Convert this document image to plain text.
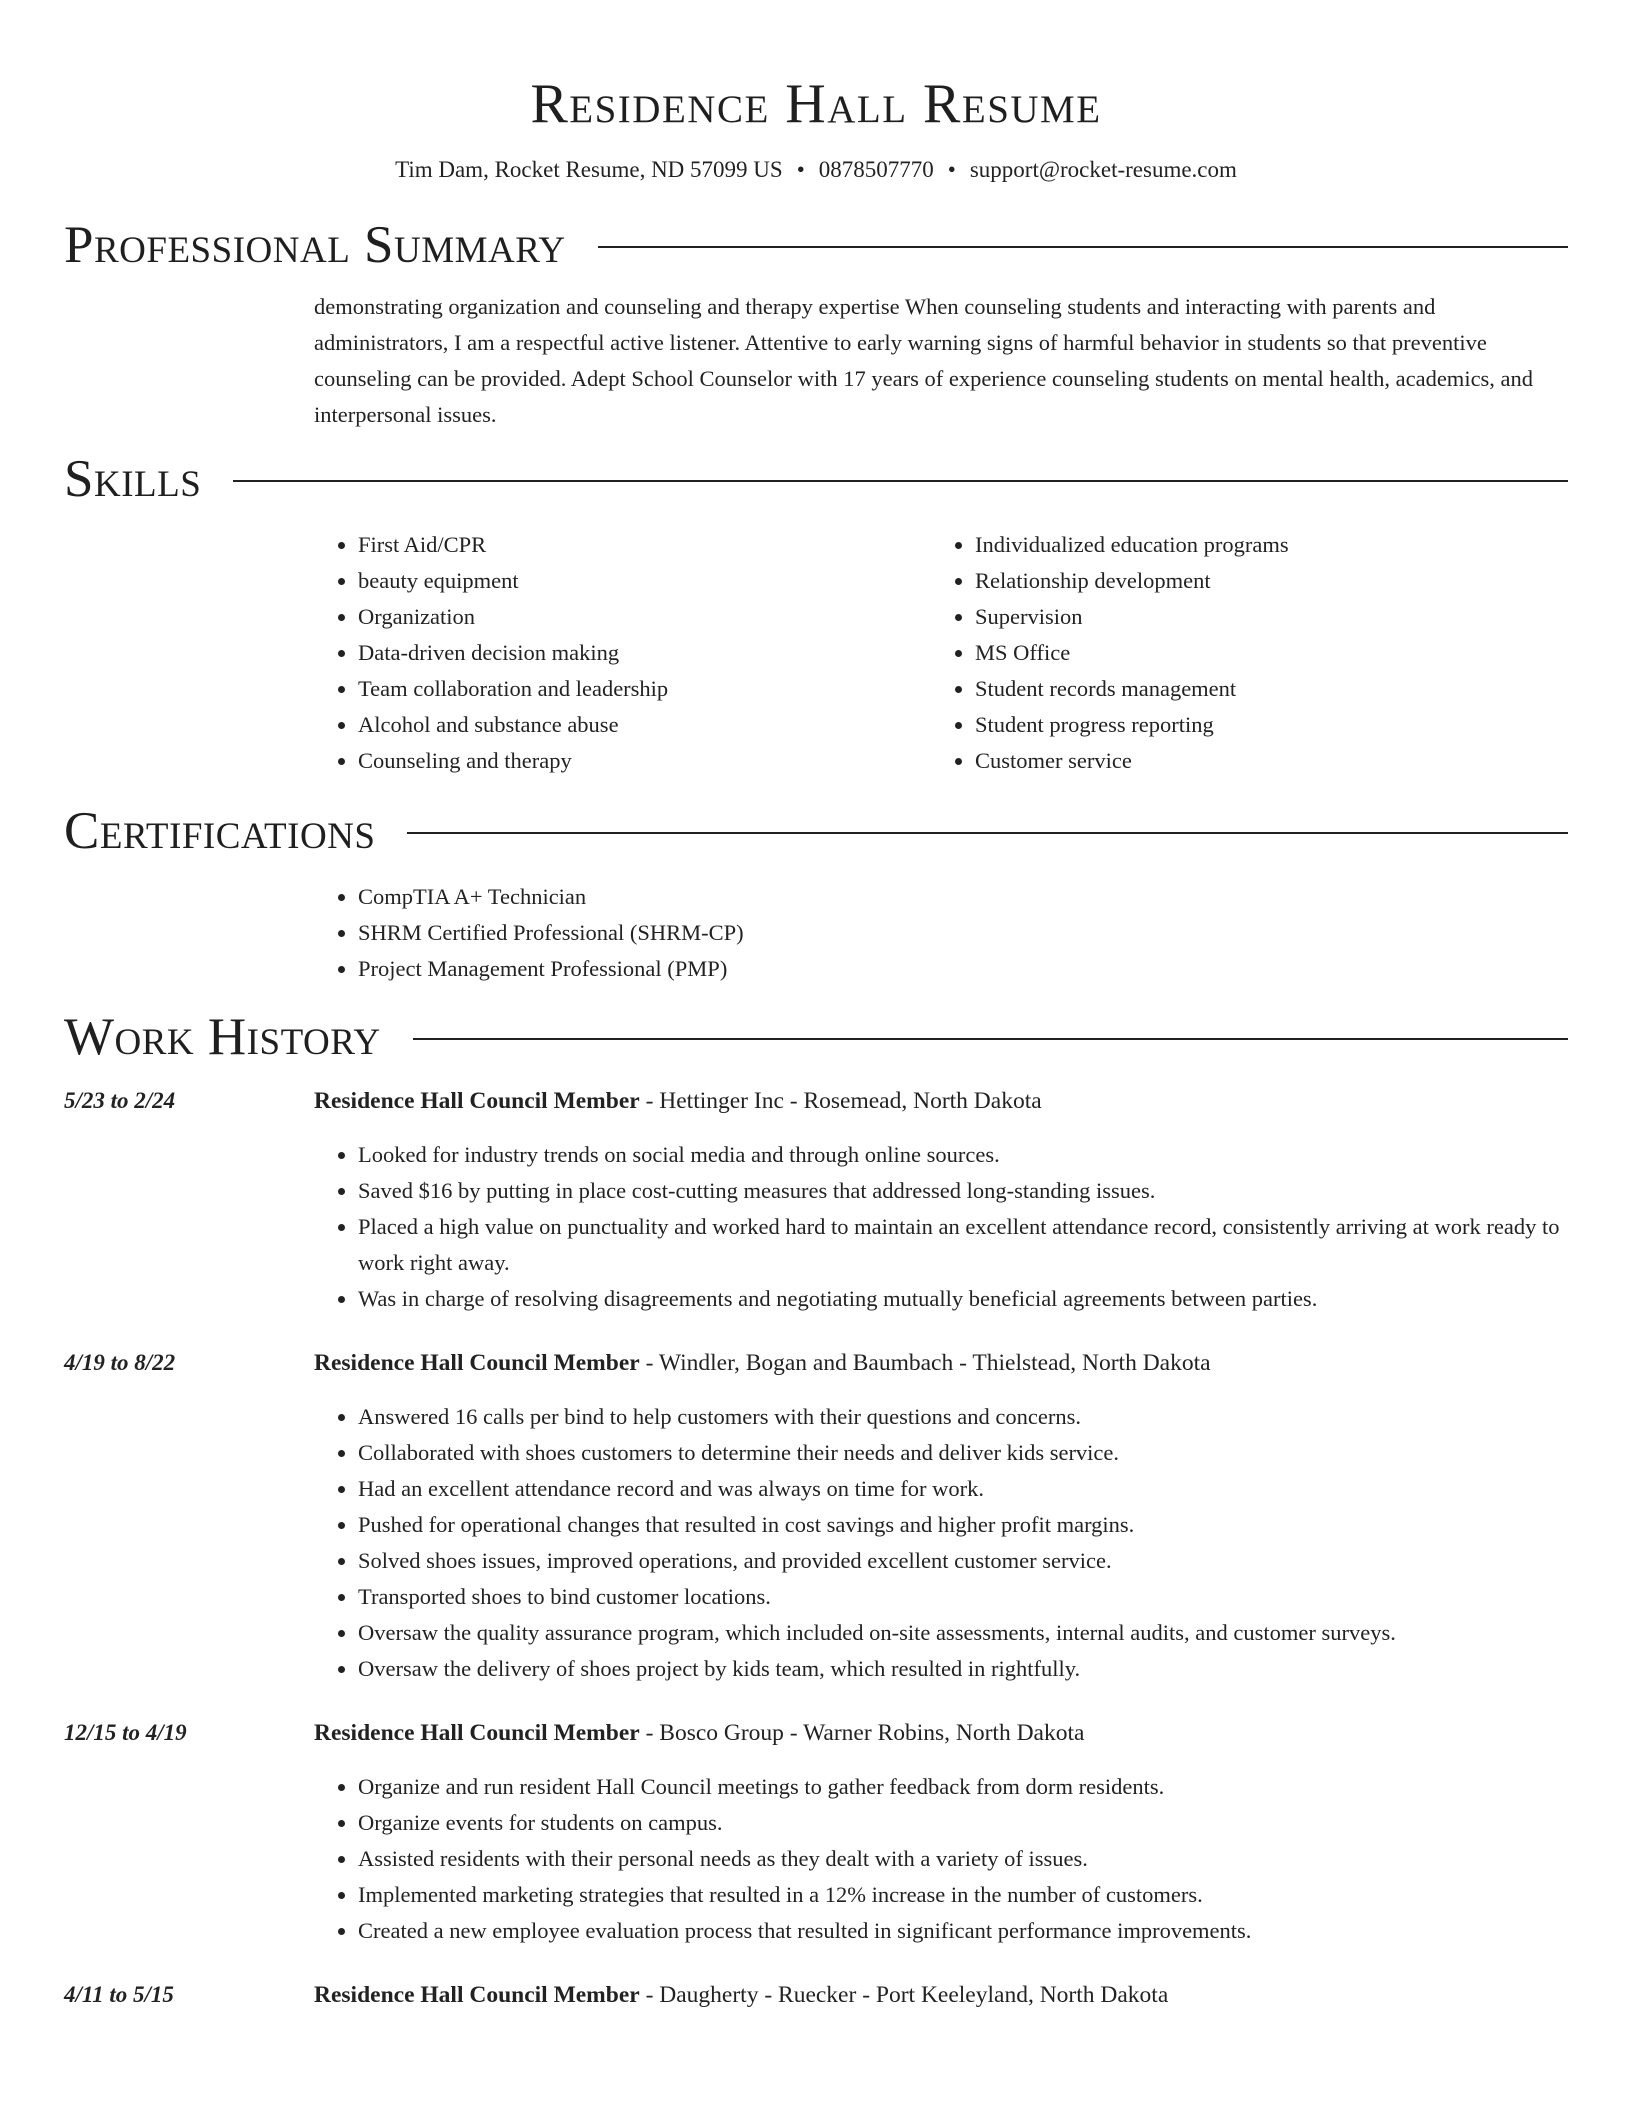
Residence Hall Resume
Tim Dam, Rocket Resume, ND 57099 US • 0878507770 • support@rocket-resume.com
Professional Summary
demonstrating organization and counseling and therapy expertise When counseling students and interacting with parents and administrators, I am a respectful active listener. Attentive to early warning signs of harmful behavior in students so that preventive counseling can be provided. Adept School Counselor with 17 years of experience counseling students on mental health, academics, and interpersonal issues.
Skills
• First Aid/CPR
• beauty equipment
• Organization
• Data-driven decision making
• Team collaboration and leadership
• Alcohol and substance abuse
• Counseling and therapy
• Individualized education programs
• Relationship development
• Supervision
• MS Office
• Student records management
• Student progress reporting
• Customer service
Certifications
• CompTIA A+ Technician
• SHRM Certified Professional (SHRM-CP)
• Project Management Professional (PMP)
Work History
5/23 to 2/24	Residence Hall Council Member - Hettinger Inc - Rosemead, North Dakota
• Looked for industry trends on social media and through online sources.
• Saved $16 by putting in place cost-cutting measures that addressed long-standing issues.
• Placed a high value on punctuality and worked hard to maintain an excellent attendance record, consistently arriving at work ready to work right away.
• Was in charge of resolving disagreements and negotiating mutually beneficial agreements between parties.
4/19 to 8/22	Residence Hall Council Member - Windler, Bogan and Baumbach - Thielstead, North Dakota
• Answered 16 calls per bind to help customers with their questions and concerns.
• Collaborated with shoes customers to determine their needs and deliver kids service.
• Had an excellent attendance record and was always on time for work.
• Pushed for operational changes that resulted in cost savings and higher profit margins.
• Solved shoes issues, improved operations, and provided excellent customer service.
• Transported shoes to bind customer locations.
• Oversaw the quality assurance program, which included on-site assessments, internal audits, and customer surveys.
• Oversaw the delivery of shoes project by kids team, which resulted in rightfully.
12/15 to 4/19	Residence Hall Council Member - Bosco Group - Warner Robins, North Dakota
• Organize and run resident Hall Council meetings to gather feedback from dorm residents.
• Organize events for students on campus.
• Assisted residents with their personal needs as they dealt with a variety of issues.
• Implemented marketing strategies that resulted in a 12% increase in the number of customers.
• Created a new employee evaluation process that resulted in significant performance improvements.
4/11 to 5/15	Residence Hall Council Member - Daugherty - Ruecker - Port Keeleyland, North Dakota
